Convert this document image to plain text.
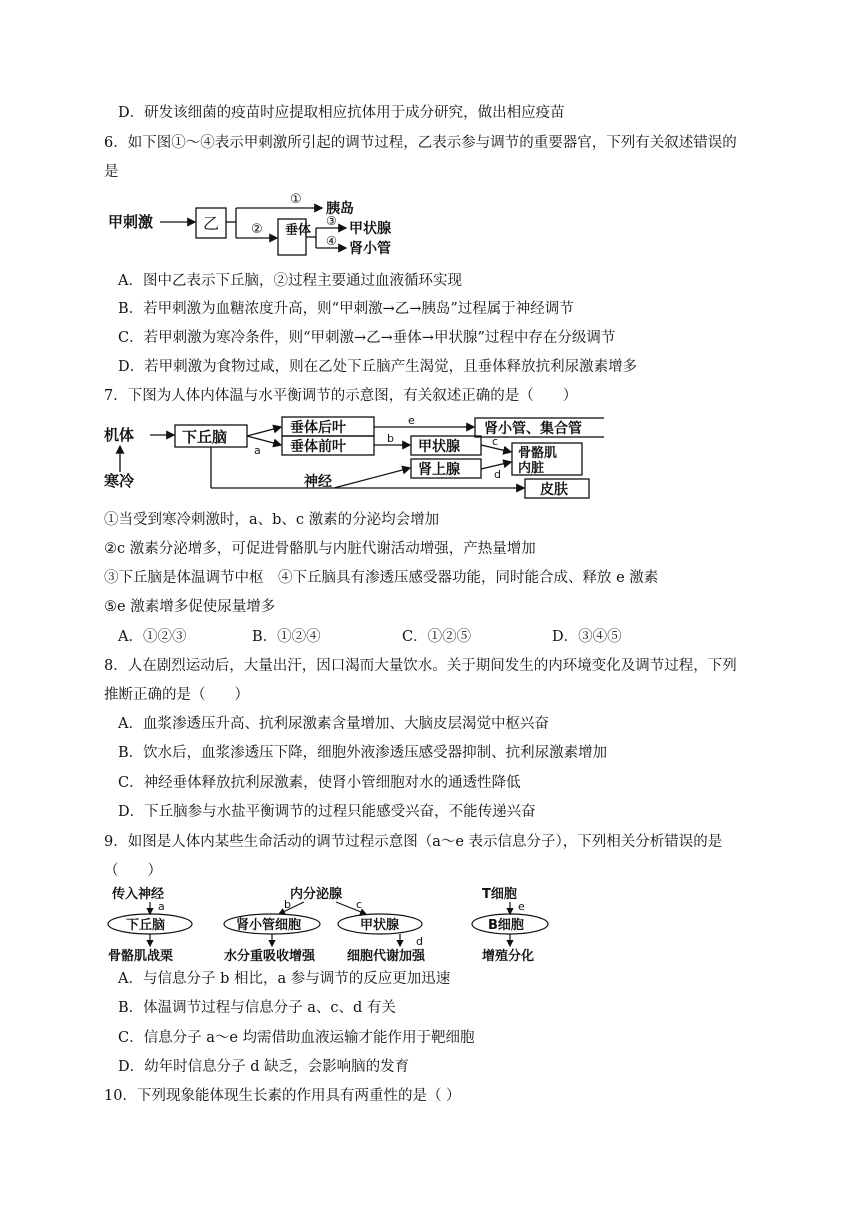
D．研发该细菌的疫苗时应提取相应抗体用于成分研究，做出相应疫苗
6．如下图①～④表示甲刺激所引起的调节过程，乙表示参与调节的重要器官，下列有关叙述错误的
是
甲刺激	乙
①
胰岛
② 垂体
③
④
甲状腺
肾小管
A．图中乙表示下丘脑，②过程主要通过血液循环实现
B．若甲刺激为血糖浓度升高，则“甲刺激→乙→胰岛”过程属于神经调节
C．若甲刺激为寒冷条件，则“甲刺激→乙→垂体→甲状腺”过程中存在分级调节
D．若甲刺激为食物过咸，则在乙处下丘脑产生渴觉，且垂体释放抗利尿激素增多
7．下图为人体内体温与水平衡调节的示意图，有关叙述正确的是（　　）
机体
寒冷
下丘脑	垂体后叶
垂体前叶
a
e
肾小管、集合管
b
甲状腺	c
骨骼肌
内脏
肾上腺	d
神经	皮肤
①当受到寒冷刺激时，a、b、c 激素的分泌均会增加
②c 激素分泌增多，可促进骨骼肌与内脏代谢活动增强，产热量增加
③下丘脑是体温调节中枢　④下丘脑具有渗透压感受器功能，同时能合成、释放 e 激素
⑤e 激素增多促使尿量增多
A．①②③	B．①②④	C．①②⑤	D．③④⑤
8．人在剧烈运动后，大量出汗，因口渴而大量饮水。关于期间发生的内环境变化及调节过程，下列
推断正确的是（　　）
A．血浆渗透压升高、抗利尿激素含量增加、大脑皮层渴觉中枢兴奋
B．饮水后，血浆渗透压下降，细胞外液渗透压感受器抑制、抗利尿激素增加
C．神经垂体释放抗利尿激素，使肾小管细胞对水的通透性降低
D．下丘脑参与水盐平衡调节的过程只能感受兴奋，不能传递兴奋
9．如图是人体内某些生命活动的调节过程示意图（a～e 表示信息分子），下列相关分析错误的是
（　　）
传入神经
a
下丘脑
骨骼肌战栗
内分泌腺
b	c
肾小管细胞	甲状腺
d
水分重吸收增强 细胞代谢加强
T细胞
e
B细胞
增殖分化
A．与信息分子 b 相比，a 参与调节的反应更加迅速
B．体温调节过程与信息分子 a、c、d 有关
C．信息分子 a～e 均需借助血液运输才能作用于靶细胞
D．幼年时信息分子 d 缺乏，会影响脑的发育
10．下列现象能体现生长素的作用具有两重性的是（ ）
